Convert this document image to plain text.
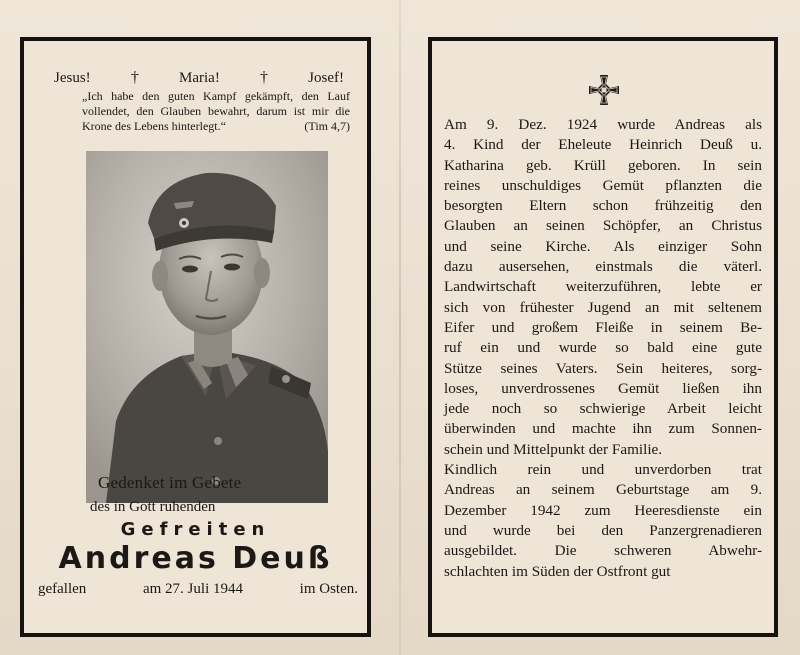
Jesus!	†	Maria!	†	Josef!
„Ich habe den guten Kampf gekämpft, den Lauf vollendet, den Glauben bewahrt, darum ist mir die Krone des Lebens hinterlegt.“	(Tim 4,7)
Gedenket im Gebete
des in Gott ruhenden
Gefreiten
Andreas Deuß
gefallen	am 27. Juli 1944	im Osten.
Am 9. Dez. 1924 wurde Andreas als
4. Kind der Eheleute Heinrich Deuß u.
Katharina geb. Krüll geboren. In sein
reines unschuldiges Gemüt pflanzten die
besorgten Eltern schon frühzeitig den
Glauben an seinen Schöpfer, an Christus
und seine Kirche. Als einziger Sohn
dazu ausersehen, einstmals die väterl.
Landwirtschaft weiterzuführen, lebte er
sich von frühester Jugend an mit seltenem
Eifer und großem Fleiße in seinem Be-
ruf ein und wurde so bald eine gute
Stütze seines Vaters. Sein heiteres, sorg-
loses, unverdrossenes Gemüt ließen ihn
jede noch so schwierige Arbeit leicht
überwinden und machte ihn zum Sonnen-
schein und Mittelpunkt der Familie.
Kindlich rein und unverdorben trat
Andreas an seinem Geburtstage am 9.
Dezember 1942 zum Heeresdienste ein
und wurde bei den Panzergrenadieren
ausgebildet. Die schweren Abwehr-
schlachten im Süden der Ostfront gut
